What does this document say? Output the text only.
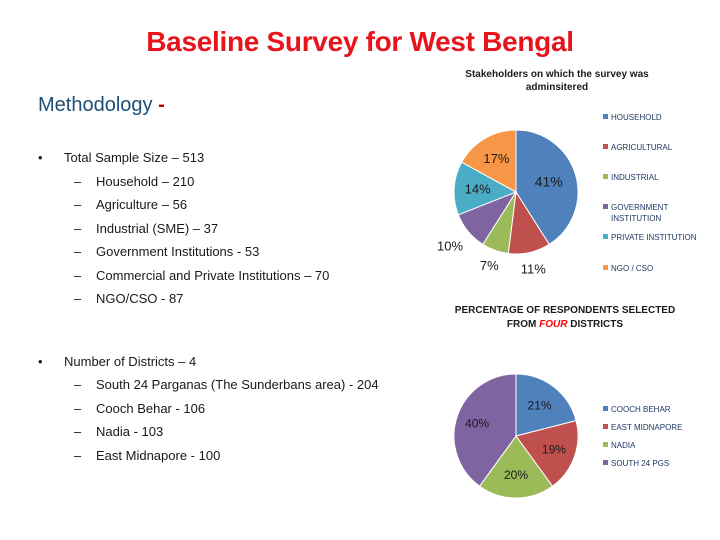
Baseline Survey for West Bengal
Methodology -
• Total Sample Size – 513
– Household – 210
– Agriculture – 56
– Industrial (SME) – 37
– Government Institutions - 53
– Commercial and Private Institutions – 70
– NGO/CSO - 87
• Number of Districts – 4
– South 24 Parganas (The Sunderbans area) - 204
– Cooch Behar - 106
– Nadia - 103
– East Midnapore - 100
Stakeholders on which the survey was adminsitered
PERCENTAGE OF RESPONDENTS SELECTED FROM FOUR DISTRICTS
41%
11%
7%
10%
14%
17%
21%
19%
20%
40%
HOUSEHOLD
AGRICULTURAL
INDUSTRIAL
GOVERNMENT INSTITUTION
PRIVATE INSTITUTION
NGO / CSO
COOCH BEHAR
EAST MIDNAPORE
NADIA
SOUTH 24 PGS
